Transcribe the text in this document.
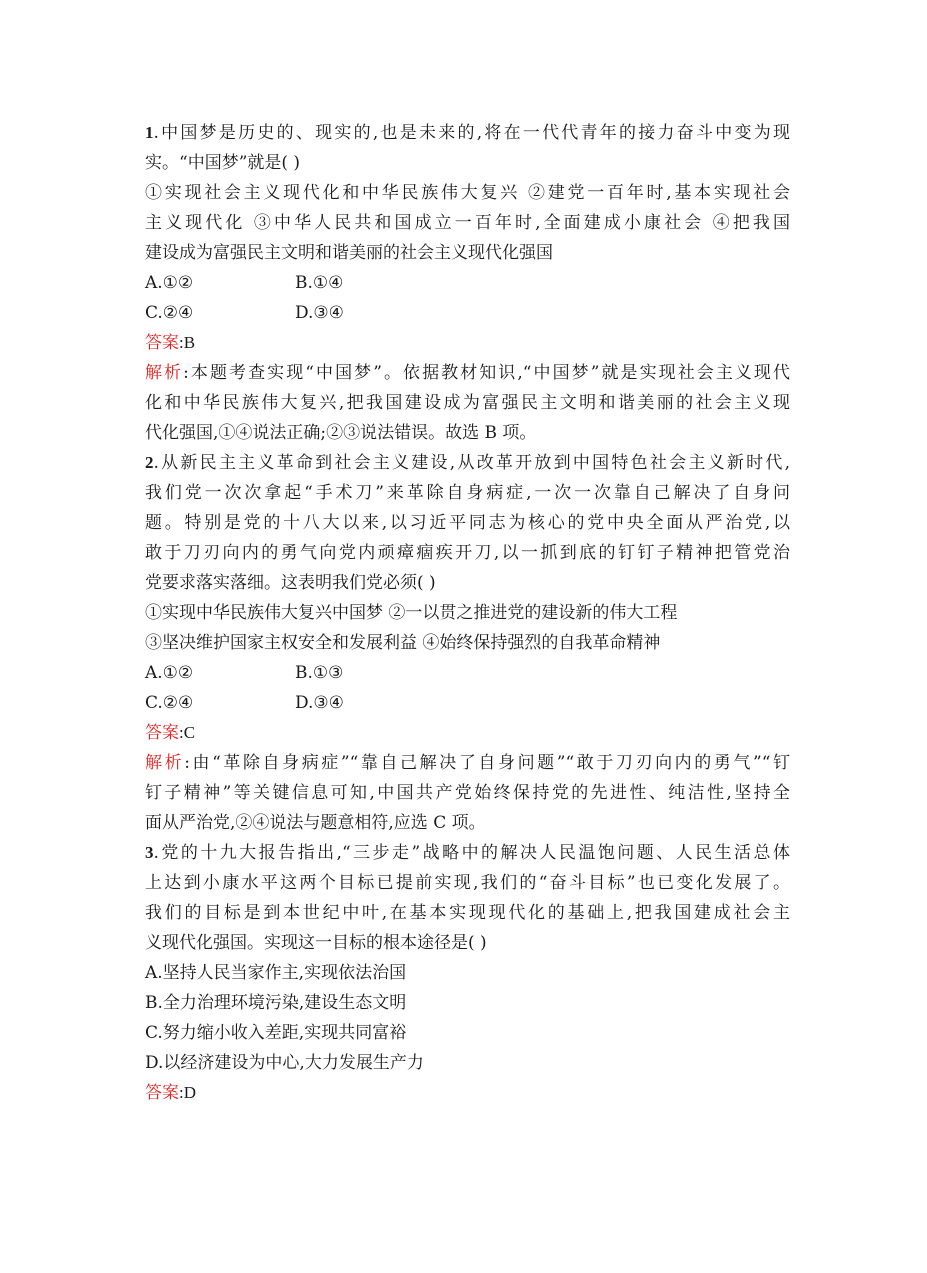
1.中国梦是历史的、现实的,也是未来的,将在一代代青年的接力奋斗中变为现
实。“中国梦”就是( )
①实现社会主义现代化和中华民族伟大复兴 ②建党一百年时,基本实现社会
主义现代化 ③中华人民共和国成立一百年时,全面建成小康社会 ④把我国
建设成为富强民主文明和谐美丽的社会主义现代化强国
A.①②	B.①④
C.②④	D.③④
答案:B
解析:本题考查实现“中国梦”。依据教材知识,“中国梦”就是实现社会主义现代
化和中华民族伟大复兴,把我国建设成为富强民主文明和谐美丽的社会主义现
代化强国,①④说法正确;②③说法错误。故选 B 项。
2.从新民主主义革命到社会主义建设,从改革开放到中国特色社会主义新时代,
我们党一次次拿起“手术刀”来革除自身病症,一次一次靠自己解决了自身问
题。特别是党的十八大以来,以习近平同志为核心的党中央全面从严治党,以
敢于刀刃向内的勇气向党内顽瘴痼疾开刀,以一抓到底的钉钉子精神把管党治
党要求落实落细。这表明我们党必须( )
①实现中华民族伟大复兴中国梦 ②一以贯之推进党的建设新的伟大工程
③坚决维护国家主权安全和发展利益 ④始终保持强烈的自我革命精神
A.①②	B.①③
C.②④	D.③④
答案:C
解析:由“革除自身病症”“靠自己解决了自身问题”“敢于刀刃向内的勇气”“钉
钉子精神”等关键信息可知,中国共产党始终保持党的先进性、纯洁性,坚持全
面从严治党,②④说法与题意相符,应选 C 项。
3.党的十九大报告指出,“三步走”战略中的解决人民温饱问题、人民生活总体
上达到小康水平这两个目标已提前实现,我们的“奋斗目标”也已变化发展了。
我们的目标是到本世纪中叶,在基本实现现代化的基础上,把我国建成社会主
义现代化强国。实现这一目标的根本途径是( )
A.坚持人民当家作主,实现依法治国
B.全力治理环境污染,建设生态文明
C.努力缩小收入差距,实现共同富裕
D.以经济建设为中心,大力发展生产力
答案:D
